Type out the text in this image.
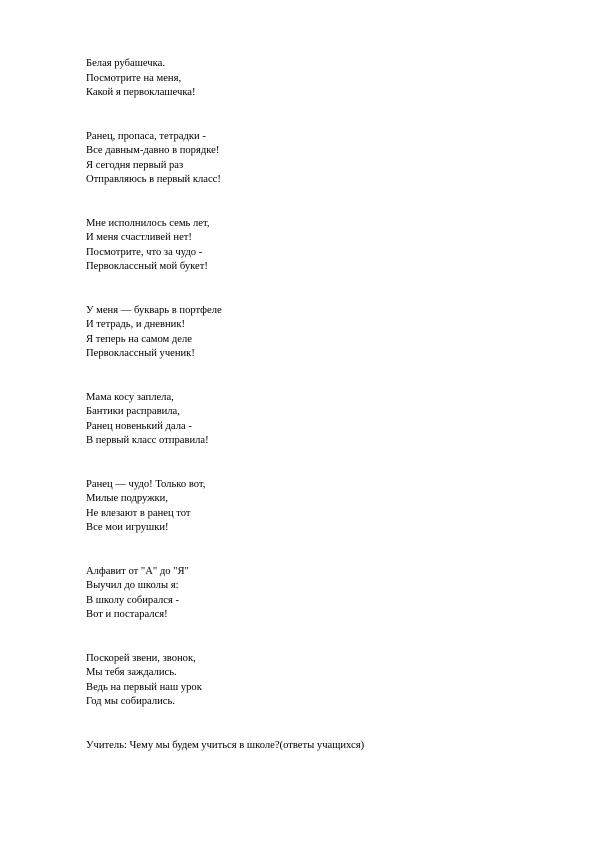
Белая рубашечка.
Посмотрите на меня,
Какой я первоклашечка!
Ранец, пропаса, тетрадки -
Все давным-давно в порядке!
Я сегодня первый раз
Отправляюсь в первый класс!
Мне исполнилось семь лет,
И меня счастливей нет!
Посмотрите, что за чудо -
Первоклассный мой букет!
У меня — букварь в портфеле
И тетрадь, и дневник!
Я теперь на самом деле
Первоклассный ученик!
Мама косу заплела,
Бантики расправила,
Ранец новенький дала -
В первый класс отправила!
Ранец — чудо! Только вот,
Милые подружки,
Не влезают в ранец тот
Все мои игрушки!
Алфавит от "А" до "Я"
Выучил до школы я:
В школу собирался -
Вот и постарался!
Поскорей звени, звонок,
Мы тебя заждались.
Ведь на первый наш урок
Год мы собирались.
Учитель: Чему мы будем учиться в школе?(ответы учащихся)
